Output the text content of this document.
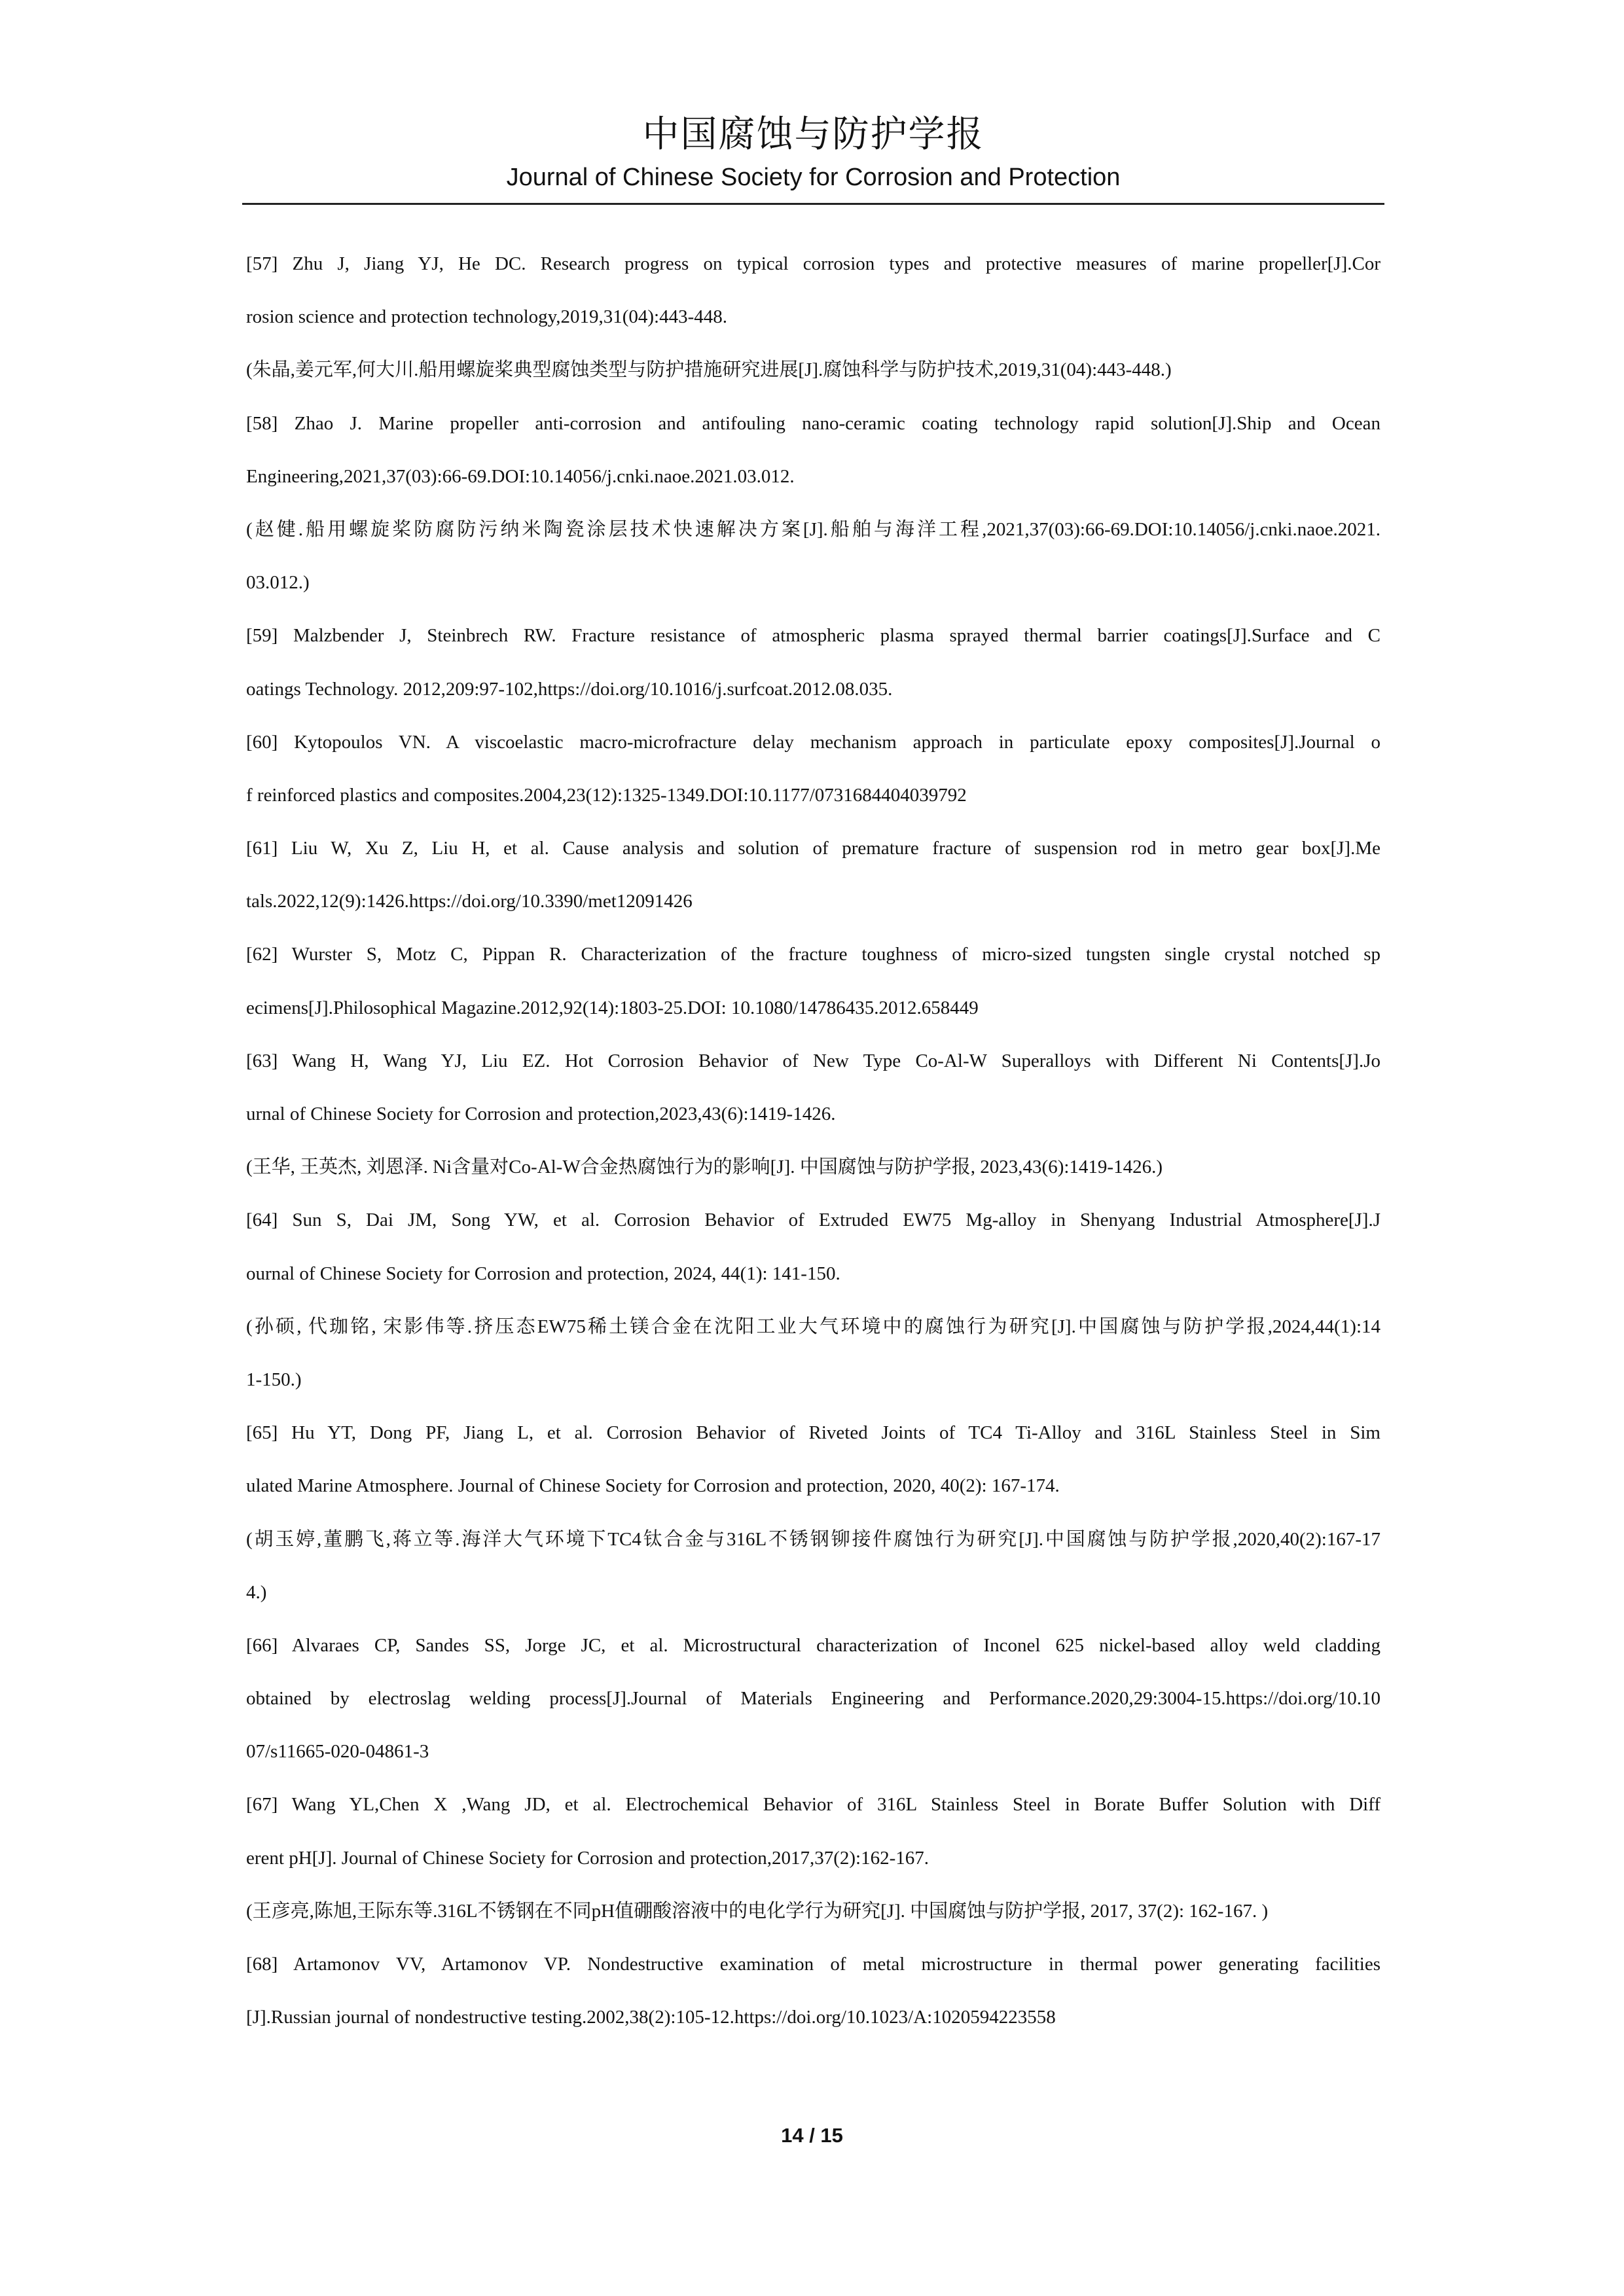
中国腐蚀与防护学报
Journal of Chinese Society for Corrosion and Protection
[57] Zhu J, Jiang YJ, He DC. Research progress on typical corrosion types and protective measures of marine propeller[J].Cor
rosion science and protection technology,2019,31(04):443-448.
(朱晶,姜元军,何大川.船用螺旋桨典型腐蚀类型与防护措施研究进展[J].腐蚀科学与防护技术,2019,31(04):443-448.)
[58] Zhao J. Marine propeller anti-corrosion and antifouling nano-ceramic coating technology rapid solution[J].Ship and Ocean
Engineering,2021,37(03):66-69.DOI:10.14056/j.cnki.naoe.2021.03.012.
(赵健.船用螺旋桨防腐防污纳米陶瓷涂层技术快速解决方案[J].船舶与海洋工程,2021,37(03):66-69.DOI:10.14056/j.cnki.naoe.2021.
03.012.)
[59] Malzbender J, Steinbrech RW. Fracture resistance of atmospheric plasma sprayed thermal barrier coatings[J].Surface and C
oatings Technology. 2012,209:97-102,https://doi.org/10.1016/j.surfcoat.2012.08.035.
[60] Kytopoulos VN. A viscoelastic macro-microfracture delay mechanism approach in particulate epoxy composites[J].Journal o
f reinforced plastics and composites.2004,23(12):1325-1349.DOI:10.1177/0731684404039792
[61] Liu W, Xu Z, Liu H, et al. Cause analysis and solution of premature fracture of suspension rod in metro gear box[J].Me
tals.2022,12(9):1426.https://doi.org/10.3390/met12091426
[62] Wurster S, Motz C, Pippan R. Characterization of the fracture toughness of micro-sized tungsten single crystal notched sp
ecimens[J].Philosophical Magazine.2012,92(14):1803-25.DOI: 10.1080/14786435.2012.658449
[63] Wang H, Wang YJ, Liu EZ. Hot Corrosion Behavior of New Type Co-Al-W Superalloys with Different Ni Contents[J].Jo
urnal of Chinese Society for Corrosion and protection,2023,43(6):1419-1426.
(王华, 王英杰, 刘恩泽. Ni含量对Co-Al-W合金热腐蚀行为的影响[J]. 中国腐蚀与防护学报, 2023,43(6):1419-1426.)
[64] Sun S, Dai JM, Song YW, et al. Corrosion Behavior of Extruded EW75 Mg-alloy in Shenyang Industrial Atmosphere[J].J
ournal of Chinese Society for Corrosion and protection, 2024, 44(1): 141-150.
(孙硕, 代珈铭, 宋影伟等.挤压态EW75稀土镁合金在沈阳工业大气环境中的腐蚀行为研究[J].中国腐蚀与防护学报,2024,44(1):14
1-150.)
[65] Hu YT, Dong PF, Jiang L, et al. Corrosion Behavior of Riveted Joints of TC4 Ti-Alloy and 316L Stainless Steel in Sim
ulated Marine Atmosphere. Journal of Chinese Society for Corrosion and protection, 2020, 40(2): 167-174.
(胡玉婷,董鹏飞,蒋立等.海洋大气环境下TC4钛合金与316L不锈钢铆接件腐蚀行为研究[J].中国腐蚀与防护学报,2020,40(2):167-17
4.)
[66] Alvaraes CP, Sandes SS, Jorge JC, et al. Microstructural characterization of Inconel 625 nickel-based alloy weld cladding
obtained by electroslag welding process[J].Journal of Materials Engineering and Performance.2020,29:3004-15.https://doi.org/10.10
07/s11665-020-04861-3
[67] Wang YL,Chen X ,Wang JD, et al. Electrochemical Behavior of 316L Stainless Steel in Borate Buffer Solution with Diff
erent pH[J]. Journal of Chinese Society for Corrosion and protection,2017,37(2):162-167.
(王彦亮,陈旭,王际东等.316L不锈钢在不同pH值硼酸溶液中的电化学行为研究[J]. 中国腐蚀与防护学报, 2017, 37(2): 162-167. )
[68] Artamonov VV, Artamonov VP. Nondestructive examination of metal microstructure in thermal power generating facilities
[J].Russian journal of nondestructive testing.2002,38(2):105-12.https://doi.org/10.1023/A:1020594223558
14 / 15
